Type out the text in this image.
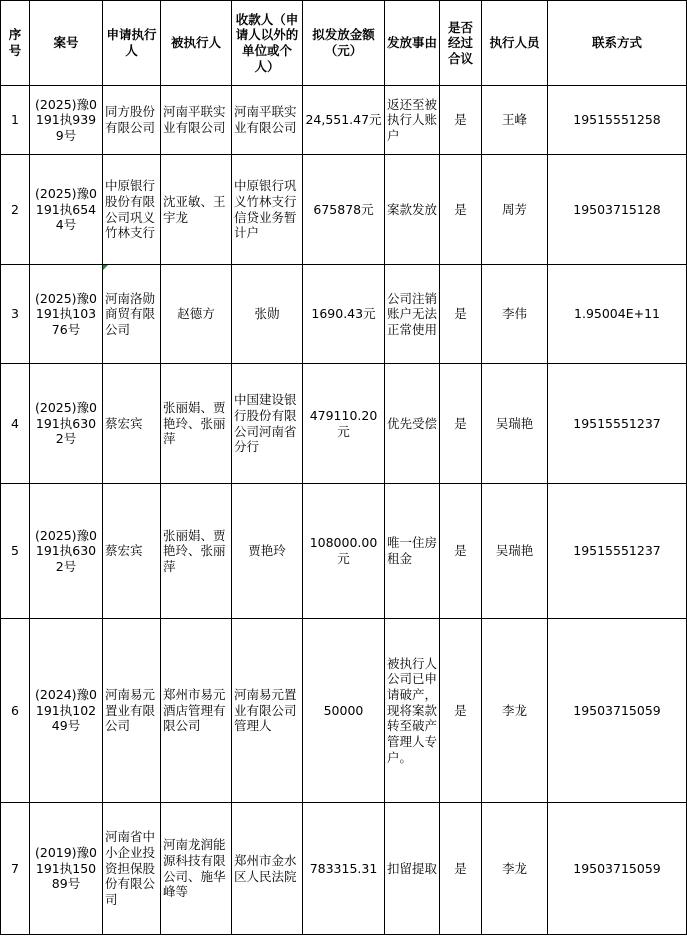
序号	案号	申请执行人	被执行人	收款人（申请人以外的单位或个人）	拟发放金额（元）	发放事由	是否经过合议	执行人员	联系方式
1	(2025)豫0191执9399号	同方股份有限公司	河南平联实业有限公司	河南平联实业有限公司	24,551.47元	返还至被执行人账户	是	王峰	19515551258
2	(2025)豫0191执6544号	中原银行股份有限公司巩义竹林支行	沈亚敏、王宇龙	中原银行巩义竹林支行信贷业务暂计户	675878元	案款发放	是	周芳	19503715128
3	(2025)豫0191执10376号	河南洛勋商贸有限公司	赵德方	张勋	1690.43元	公司注销账户无法正常使用	是	李伟	1.95004E+11
4	(2025)豫0191执6302号	蔡宏宾	张丽娟、贾艳玲、张丽萍	中国建设银行股份有限公司河南省分行	479110.20元	优先受偿	是	吴瑞艳	19515551237
5	(2025)豫0191执6302号	蔡宏宾	张丽娟、贾艳玲、张丽萍	贾艳玲	108000.00元	唯一住房租金	是	吴瑞艳	19515551237
6	(2024)豫0191执10249号	河南易元置业有限公司	郑州市易元酒店管理有限公司	河南易元置业有限公司管理人	50000	被执行人公司已申请破产，现将案款转至破产管理人专户。	是	李龙	19503715059
7	(2019)豫0191执15089号	河南省中小企业投资担保股份有限公司	河南龙润能源科技有限公司、施华峰等	郑州市金水区人民法院	783315.31	扣留提取	是	李龙	19503715059
